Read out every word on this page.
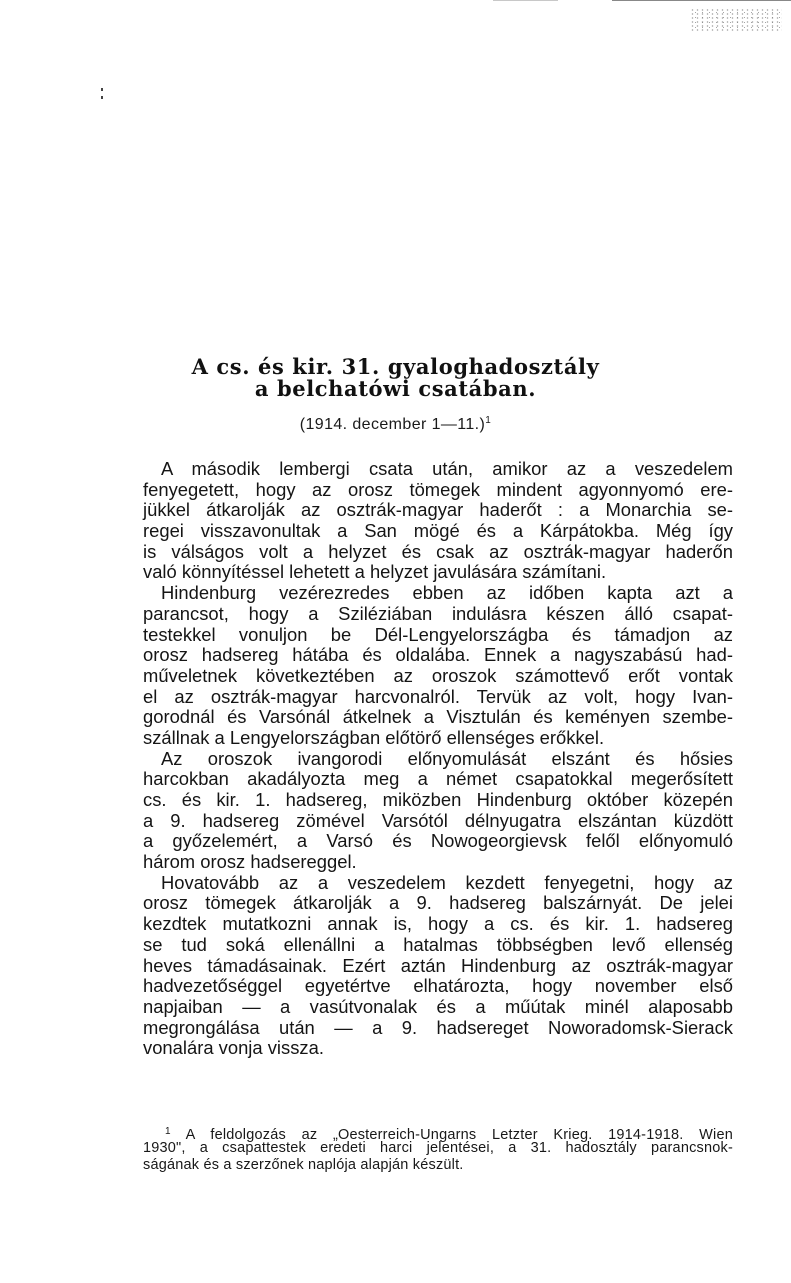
A cs. és kir. 31. gyaloghadosztály
a belchatówi csatában.
(1914. december 1—11.)$^1$
A második lembergi csata után, amikor az a veszedelem
fenyegetett, hogy az orosz tömegek mindent agyonnyomó ere-
jükkel átkarolják az osztrák-magyar haderőt : a Monarchia se-
regei visszavonultak a San mögé és a Kárpátokba. Még így
is válságos volt a helyzet és csak az osztrák-magyar haderőn
való könnyítéssel lehetett a helyzet javulására számítani.
Hindenburg vezérezredes ebben az időben kapta azt a
parancsot, hogy a Sziléziában indulásra készen álló csapat-
testekkel vonuljon be Dél-Lengyelországba és támadjon az
orosz hadsereg hátába és oldalába. Ennek a nagyszabású had-
műveletnek következtében az oroszok számottevő erőt vontak
el az osztrák-magyar harcvonalról. Tervük az volt, hogy Ivan-
gorodnál és Varsónál átkelnek a Visztulán és keményen szembe-
szállnak a Lengyelországban előtörő ellenséges erőkkel.
Az oroszok ivangorodi előnyomulását elszánt és hősies
harcokban akadályozta meg a német csapatokkal megerősített
cs. és kir. 1. hadsereg, miközben Hindenburg október közepén
a 9. hadsereg zömével Varsótól délnyugatra elszántan küzdött
a győzelemért, a Varsó és Nowogeorgievsk felől előnyomuló
három orosz hadsereggel.
Hovatovább az a veszedelem kezdett fenyegetni, hogy az
orosz tömegek átkarolják a 9. hadsereg balszárnyát. De jelei
kezdtek mutatkozni annak is, hogy a cs. és kir. 1. hadsereg
se tud soká ellenállni a hatalmas többségben levő ellenség
heves támadásainak. Ezért aztán Hindenburg az osztrák-magyar
hadvezetőséggel egyetértve elhatározta, hogy november első
napjaiban — a vasútvonalak és a műútak minél alaposabb
megrongálása után — a 9. hadsereget Noworadomsk-Sierack
vonalára vonja vissza.
$^1$ A feldolgozás az „Oesterreich-Ungarns Letzter Krieg. 1914-1918. Wien
1930", a csapattestek eredeti harci jelentései, a 31. hadosztály parancsnok-
ságának és a szerzőnek naplója alapján készült.
